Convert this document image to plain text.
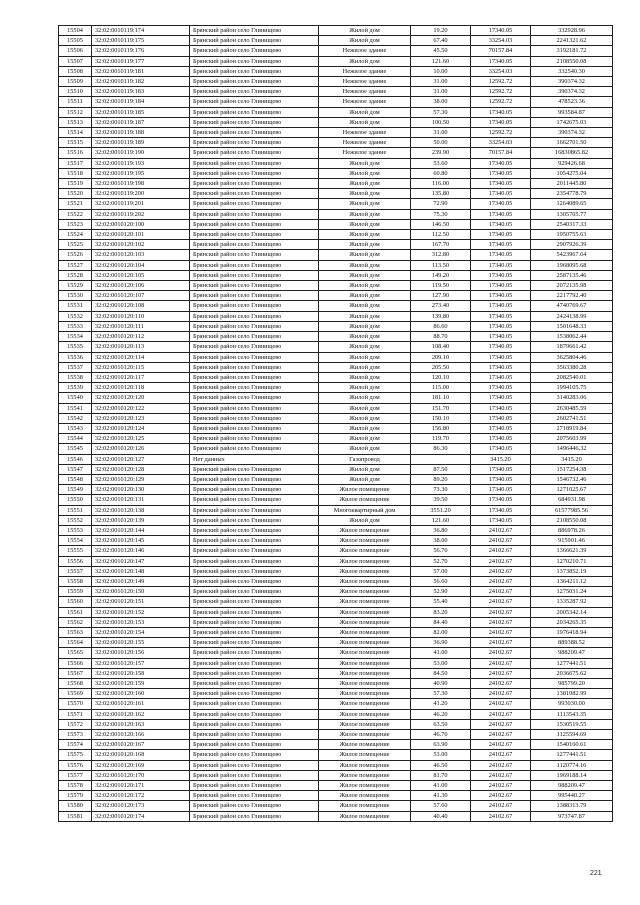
15504	32:02:0010119:174	Брянский район село Глинищево	Жилой дом	19.20	17340.05	332928.96
15505	32:02:0010119:175	Брянский район село Глинищево	Жилой дом	67.40	33254.03	2241321.62
15506	32:02:0010119:176	Брянский район село Глинищево	Нежилое здание	45.50	70157.84	3192181.72
15507	32:02:0010119:177	Брянский район село Глинищево	Жилой дом	121.60	17340.05	2108550.08
15508	32:02:0010119:181	Брянский район село Глинищево	Нежилое здание	10.00	33254.03	332540.30
15509	32:02:0010119:182	Брянский район село Глинищево	Нежилое здание	31.00	12592.72	390374.32
15510	32:02:0010119:183	Брянский район село Глинищево	Нежилое здание	31.00	12592.72	390374.32
15511	32:02:0010119:184	Брянский район село Глинищево	Нежилое здание	38.00	12592.72	478523.36
15512	32:02:0010119:185	Брянский район село Глинищево	Жилой дом	57.30	17340.05	993584.87
15513	32:02:0010119:187	Брянский район село Глинищево	Жилой дом	100.50	17340.05	1742675.03
15514	32:02:0010119:188	Брянский район село Глинищево	Нежилое здание	31.00	12592.72	390374.32
15515	32:02:0010119:189	Брянский район село Глинищево	Нежилое здание	50.00	33254.03	1662701.50
15516	32:02:0010119:190	Брянский район село Глинищево	Нежилое здание	239.90	70157.84	16830865.82
15517	32:02:0010119:193	Брянский район село Глинищево	Жилой дом	53.60	17340.05	929426.68
15518	32:02:0010119:195	Брянский район село Глинищево	Жилой дом	60.80	17340.05	1054275.04
15519	32:02:0010119:198	Брянский район село Глинищево	Жилой дом	116.00	17340.05	2011445.80
15520	32:02:0010119:200	Брянский район село Глинищево	Жилой дом	135.80	17340.05	2354778.79
15521	32:02:0010119:201	Брянский район село Глинищево	Жилой дом	72.90	17340.05	1264089.65
15522	32:02:0010119:202	Брянский район село Глинищево	Жилой дом	75.30	17340.05	1305705.77
15523	32:02:0010120:100	Брянский район село Глинищево	Жилой дом	146.50	17340.05	2540317.33
15524	32:02:0010120:101	Брянский район село Глинищево	Жилой дом	112.50	17340.05	1950755.63
15525	32:02:0010120:102	Брянский район село Глинищево	Жилой дом	167.70	17340.05	2907926.39
15526	32:02:0010120:103	Брянский район село Глинищево	Жилой дом	312.80	17340.05	5423967.64
15527	32:02:0010120:104	Брянский район село Глинищево	Жилой дом	113.50	17340.05	1968095.68
15528	32:02:0010120:105	Брянский район село Глинищево	Жилой дом	149.20	17340.05	2587135.46
15529	32:02:0010120:106	Брянский район село Глинищево	Жилой дом	119.50	17340.05	2072135.98
15530	32:02:0010120:107	Брянский район село Глинищево	Жилой дом	127.90	17340.05	2217792.40
15531	32:02:0010120:108	Брянский район село Глинищево	Жилой дом	273.40	17340.05	4740769.67
15532	32:02:0010120:110	Брянский район село Глинищево	Жилой дом	139.80	17340.05	2424138.99
15533	32:02:0010120:111	Брянский район село Глинищево	Жилой дом	86.60	17340.05	1501648.33
15534	32:02:0010120:112	Брянский район село Глинищево	Жилой дом	88.70	17340.05	1538062.44
15535	32:02:0010120:113	Брянский район село Глинищево	Жилой дом	108.40	17340.05	1879661.42
15536	32:02:0010120:114	Брянский район село Глинищево	Жилой дом	209.10	17340.05	3625804.46
15537	32:02:0010120:115	Брянский район село Глинищево	Жилой дом	205.50	17340.05	3563380.28
15538	32:02:0010120:117	Брянский район село Глинищево	Жилой дом	120.10	17340.05	2082540.01
15539	32:02:0010120:118	Брянский район село Глинищево	Жилой дом	115.00	17340.05	1994105.75
15540	32:02:0010120:120	Брянский район село Глинищево	Жилой дом	181.10	17340.05	3140283.06
15541	32:02:0010120:122	Брянский район село Глинищево	Жилой дом	151.70	17340.05	2630485.59
15542	32:02:0010120:123	Брянский район село Глинищево	Жилой дом	150.10	17340.05	2602741.51
15543	32:02:0010120:124	Брянский район село Глинищево	Жилой дом	156.80	17340.05	2718919.84
15544	32:02:0010120:125	Брянский район село Глинищево	Жилой дом	119.70	17340.05	2075603.99
15545	32:02:0010120:126	Брянский район село Глинищево	Жилой дом	86.30	17340.05	1496446.32
15546	32:02:0010120:127	Нет данных	Газопровод		3415.20	3415.20
15547	32:02:0010120:128	Брянский район село Глинищево	Жилой дом	87.50	17340.05	1517254.38
15548	32:02:0010120:129	Брянский район село Глинищево	Жилой дом	89.20	17340.05	1546732.46
15549	32:02:0010120:130	Брянский район село Глинищево	Жилое помещение	73.30	17340.05	1271025.67
15550	32:02:0010120:131	Брянский район село Глинищево	Жилое помещение	39.50	17340.05	684931.98
15551	32:02:0010120:138	Брянский район село Глинищево	Многоквартирный дом	3551.20	17340.05	61577985.56
15552	32:02:0010120:139	Брянский район село Глинищево	Жилой дом	121.60	17340.05	2108550.08
15553	32:02:0010120:144	Брянский район село Глинищево	Жилое помещение	36.80	24102.67	886978.26
15554	32:02:0010120:145	Брянский район село Глинищево	Жилое помещение	38.00	24102.67	915901.46
15555	32:02:0010120:146	Брянский район село Глинищево	Жилое помещение	56.70	24102.67	1366621.39
15556	32:02:0010120:147	Брянский район село Глинищево	Жилое помещение	52.70	24102.67	1270210.71
15557	32:02:0010120:148	Брянский район село Глинищево	Жилое помещение	57.00	24102.67	1373852.19
15558	32:02:0010120:149	Брянский район село Глинищево	Жилое помещение	56.60	24102.67	1364211.12
15559	32:02:0010120:150	Брянский район село Глинищево	Жилое помещение	52.90	24102.67	1275031.24
15560	32:02:0010120:151	Брянский район село Глинищево	Жилое помещение	55.40	24102.67	1335287.92
15561	32:02:0010120:152	Брянский район село Глинищево	Жилое помещение	83.20	24102.67	2005342.14
15562	32:02:0010120:153	Брянский район село Глинищево	Жилое помещение	84.40	24102.67	2034265.35
15563	32:02:0010120:154	Брянский район село Глинищево	Жилое помещение	82.00	24102.67	1976418.94
15564	32:02:0010120:155	Брянский район село Глинищево	Жилое помещение	36.90	24102.67	889388.52
15565	32:02:0010120:156	Брянский район село Глинищево	Жилое помещение	41.00	24102.67	988209.47
15566	32:02:0010120:157	Брянский район село Глинищево	Жилое помещение	53.00	24102.67	1277441.51
15567	32:02:0010120:158	Брянский район село Глинищево	Жилое помещение	84.50	24102.67	2036675.62
15568	32:02:0010120:159	Брянский район село Глинищево	Жилое помещение	40.90	24102.67	985799.20
15569	32:02:0010120:160	Брянский район село Глинищево	Жилое помещение	57.30	24102.67	1381082.99
15570	32:02:0010120:161	Брянский район село Глинищево	Жилое помещение	41.20	24102.67	993030.00
15571	32:02:0010120:162	Брянский район село Глинищево	Жилое помещение	46.20	24102.67	1113543.35
15572	32:02:0010120:163	Брянский район село Глинищево	Жилое помещение	63.50	24102.67	1530519.55
15573	32:02:0010120:166	Брянский район село Глинищево	Жилое помещение	46.70	24102.67	1125594.69
15574	32:02:0010120:167	Брянский район село Глинищево	Жилое помещение	63.90	24102.67	1540160.61
15575	32:02:0010120:168	Брянский район село Глинищево	Жилое помещение	53.00	24102.67	1277441.51
15576	32:02:0010120:169	Брянский район село Глинищево	Жилое помещение	46.50	24102.67	1120774.16
15577	32:02:0010120:170	Брянский район село Глинищево	Жилое помещение	81.70	24102.67	1969188.14
15578	32:02:0010120:171	Брянский район село Глинищево	Жилое помещение	41.00	24102.67	988209.47
15579	32:02:0010120:172	Брянский район село Глинищево	Жилое помещение	41.30	24102.67	995440.27
15580	32:02:0010120:173	Брянский район село Глинищево	Жилое помещение	57.60	24102.67	1388313.79
15581	32:02:0010120:174	Брянский район село Глинищево	Жилое помещение	40.40	24102.67	973747.87
221
